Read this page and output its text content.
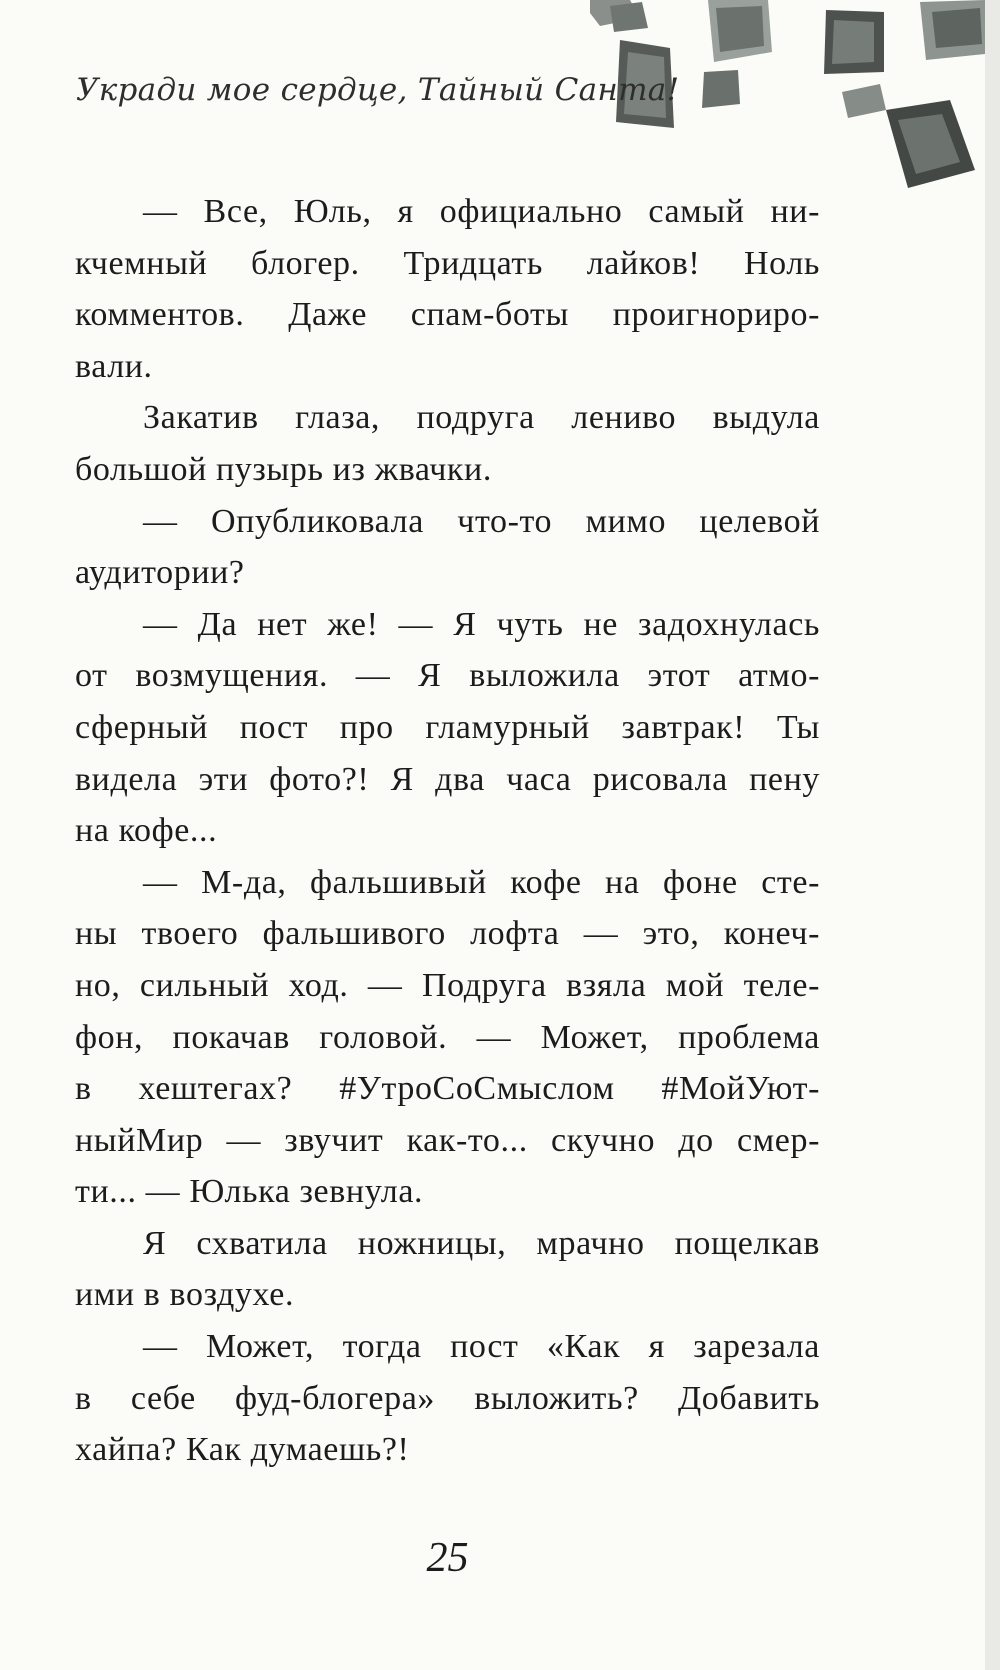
Укради мое сердце, Тайный Санта!
— Все, Юль, я официально самый ни-
кчемный блогер. Тридцать лайков! Ноль
комментов. Даже спам-боты проигнориро-
вали.
Закатив глаза, подруга лениво выдула
большой пузырь из жвачки.
— Опубликовала что-то мимо целевой
аудитории?
— Да нет же! — Я чуть не задохнулась
от возмущения. — Я выложила этот атмо-
сферный пост про гламурный завтрак! Ты
видела эти фото?! Я два часа рисовала пену
на кофе...
— М-да, фальшивый кофе на фоне сте-
ны твоего фальшивого лофта — это, конеч-
но, сильный ход. — Подруга взяла мой теле-
фон, покачав головой. — Может, проблема
в хештегах? #УтроСоСмыслом #МойУют-
ныйМир — звучит как-то... скучно до смер-
ти... — Юлька зевнула.
Я схватила ножницы, мрачно пощелкав
ими в воздухе.
— Может, тогда пост «Как я зарезала
в себе фуд-блогера» выложить? Добавить
хайпа? Как думаешь?!
25
